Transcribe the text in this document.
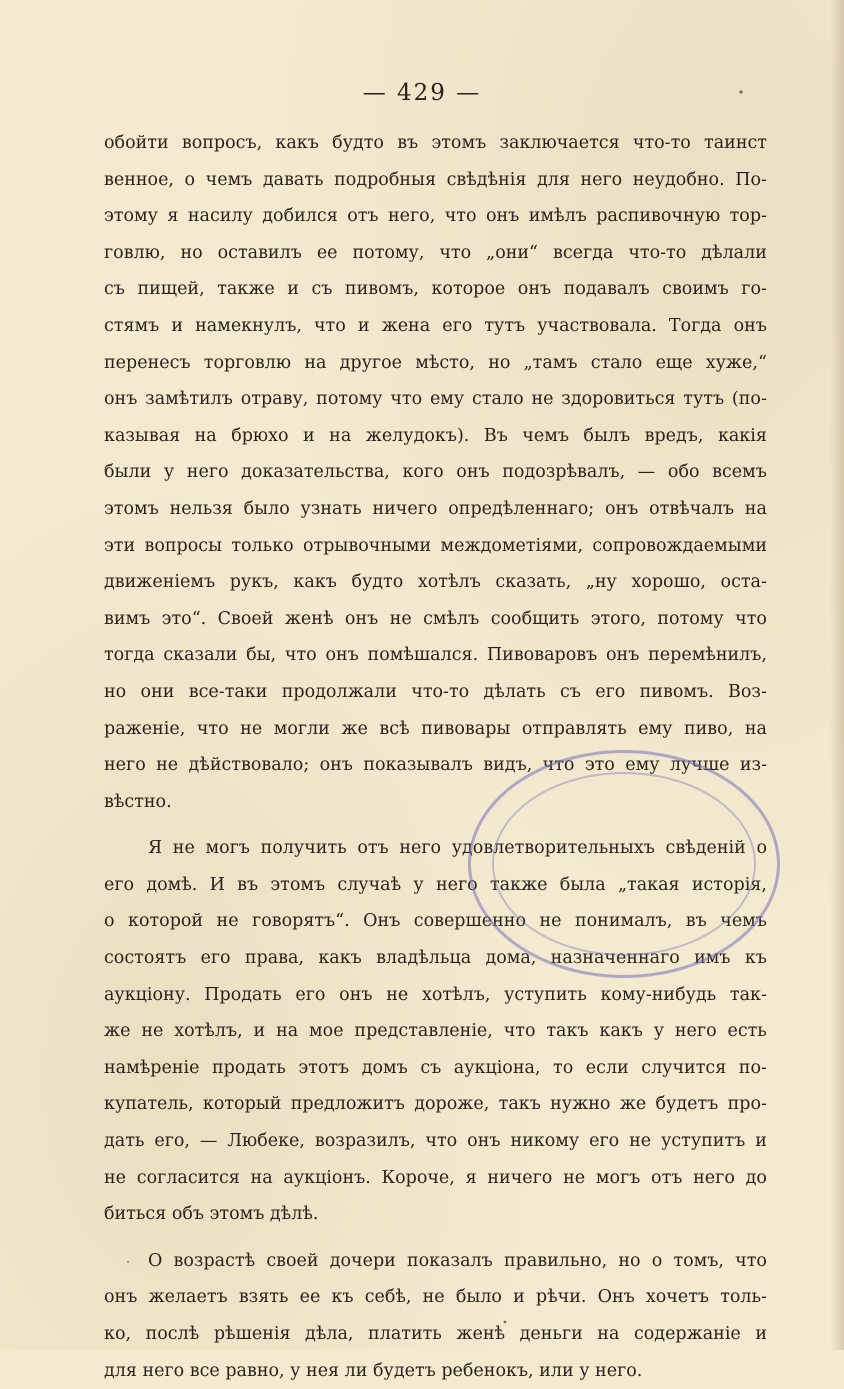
— 429 —
обойти вопросъ, какъ будто въ этомъ заключается что-то таинст
венное, о чемъ давать подробныя свѣдѣнія для него неудобно. По-
этому я насилу добился отъ него, что онъ имѣлъ распивочную тор-
говлю, но оставилъ ее потому, что „они“ всегда что-то дѣлали
съ пищей, также и съ пивомъ, которое онъ подавалъ своимъ го-
стямъ и намекнулъ, что и жена его тутъ участвовала. Тогда онъ
перенесъ торговлю на другое мѣсто, но „тамъ стало еще хуже,“
онъ замѣтилъ отраву, потому что ему стало не здоровиться тутъ (по-
казывая на брюхо и на желудокъ). Въ чемъ былъ вредъ, какія
были у него доказательства, кого онъ подозрѣвалъ, — обо всемъ
этомъ нельзя было узнать ничего опредѣленнаго; онъ отвѣчалъ на
эти вопросы только отрывочными междометіями, сопровождаемыми
движеніемъ рукъ, какъ будто хотѣлъ сказать, „ну хорошо, оста-
вимъ это“. Своей женѣ онъ не смѣлъ сообщить этого, потому что
тогда сказали бы, что онъ помѣшался. Пивоваровъ онъ перемѣнилъ,
но они все-таки продолжали что-то дѣлать съ его пивомъ. Воз-
раженіе, что не могли же всѣ пивовары отправлять ему пиво, на
него не дѣйствовало; онъ показывалъ видъ, что это ему лучше из-
вѣстно.
Я не могъ получить отъ него удовлетворительныхъ свѣденій о
его домѣ. И въ этомъ случаѣ у него также была „такая исторія,
о которой не говорятъ“. Онъ совершенно не понималъ, въ чемъ
состоятъ его права, какъ владѣльца дома, назначеннаго имъ къ
аукціону. Продать его онъ не хотѣлъ, уступить кому-нибудь так-
же не хотѣлъ, и на мое представленіе, что такъ какъ у него есть
намѣреніе продать этотъ домъ съ аукціона, то если случится по-
купатель, который предложитъ дороже, такъ нужно же будетъ про-
дать его, — Любеке, возразилъ, что онъ никому его не уступитъ и
не согласится на аукціонъ. Короче, я ничего не могъ отъ него до
биться объ этомъ дѣлѣ.
О возрастѣ своей дочери показалъ правильно, но о томъ, что
онъ желаетъ взять ее къ себѣ, не было и рѣчи. Онъ хочетъ толь-
ко, послѣ рѣшенія дѣла, платить женѣ деньги на содержаніе и
для него все равно, у нея ли будетъ ребенокъ, или у него.
